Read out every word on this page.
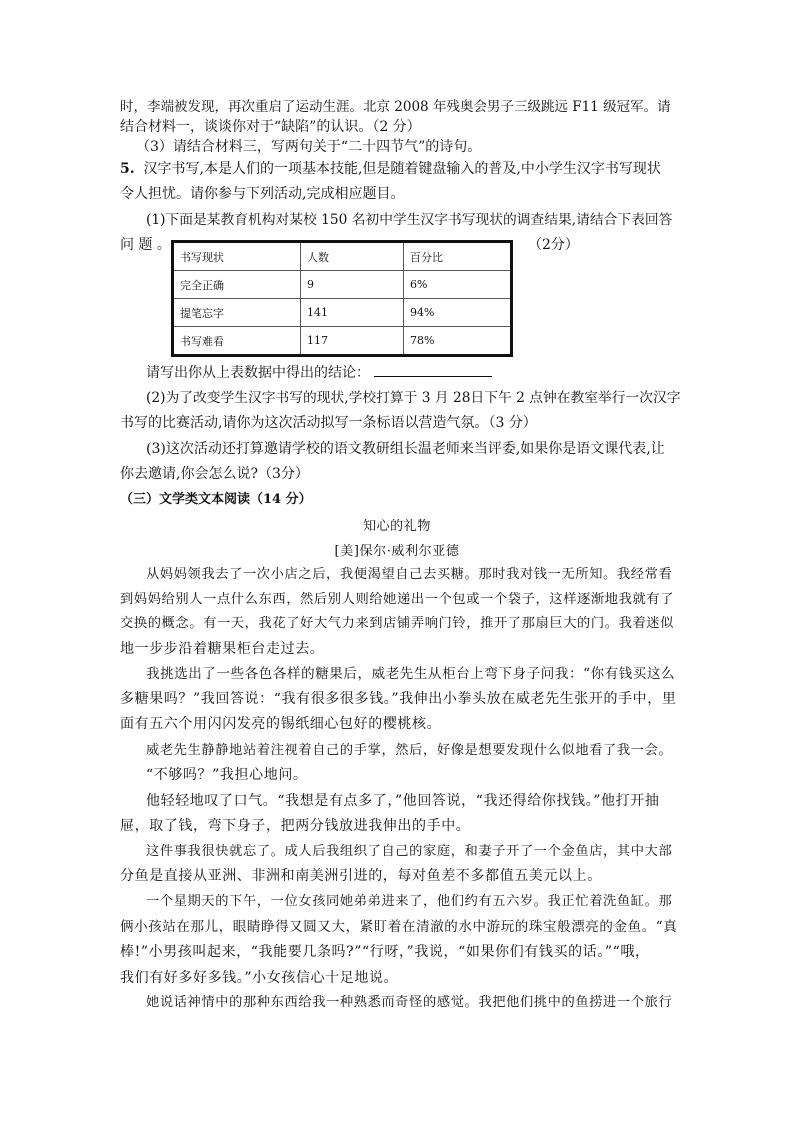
时，李端被发现，再次重启了运动生涯。北京 2008 年残奥会男子三级跳远 F11 级冠军。请
结合材料一，谈谈你对于“缺陷”的认识。（2 分）
（3）请结合材料三，写两句关于“二十四节气”的诗句。
5. 汉字书写,本是人们的一项基本技能,但是随着键盘输入的普及,中小学生汉字书写现状
令人担忧。请你参与下列活动,完成相应题目。
(1)下面是某教育机构对某校 150 名初中学生汉字书写现状的调查结果,请结合下表回答
问 题 。	（2分）
书写现状	人数	百分比
完全正确	9	6%
提笔忘字	141	94%
书写难看	117	78%
请写出你从上表数据中得出的结论：
(2)为了改变学生汉字书写的现状,学校打算于 3 月 28日下午 2 点钟在教室举行一次汉字
书写的比赛活动,请你为这次活动拟写一条标语以营造气氛。（3 分）
(3)这次活动还打算邀请学校的语文教研组长温老师来当评委,如果你是语文课代表,让
你去邀请,你会怎么说?（3分）
（三）文学类文本阅读（14 分）
知心的礼物
[美]保尔·威利尔亚德
从妈妈领我去了一次小店之后，我便渴望自己去买糖。那时我对钱一无所知。我经常看
到妈妈给别人一点什么东西，然后别人则给她递出一个包或一个袋子，这样逐渐地我就有了
交换的概念。有一天，我花了好大气力来到店铺弄响门铃，推开了那扇巨大的门。我着迷似
地一步步沿着糖果柜台走过去。
我挑选出了一些各色各样的糖果后，威老先生从柜台上弯下身子问我：“你有钱买这么
多糖果吗？”我回答说：“我有很多很多钱。”我伸出小拳头放在威老先生张开的手中，里
面有五六个用闪闪发亮的锡纸细心包好的樱桃核。
威老先生静静地站着注视着自己的手掌，然后，好像是想要发现什么似地看了我一会。
“不够吗？”我担心地问。
他轻轻地叹了口气。“我想是有点多了，”他回答说，“我还得给你找钱。”他打开抽
屉，取了钱，弯下身子，把两分钱放进我伸出的手中。
这件事我很快就忘了。成人后我组织了自己的家庭，和妻子开了一个金鱼店，其中大部
分鱼是直接从亚洲、非洲和南美洲引进的，每对鱼差不多都值五美元以上。
一个星期天的下午，一位女孩同她弟弟进来了，他们约有五六岁。我正忙着洗鱼缸。那
俩小孩站在那儿，眼睛睁得又圆又大，紧盯着在清澈的水中游玩的珠宝般漂亮的金鱼。“真
棒!”小男孩叫起来，“我能要几条吗?”“行呀，”我说，“如果你们有钱买的话。”“哦，
我们有好多好多钱。”小女孩信心十足地说。
她说话神情中的那种东西给我一种熟悉而奇怪的感觉。我把他们挑中的鱼捞进一个旅行
